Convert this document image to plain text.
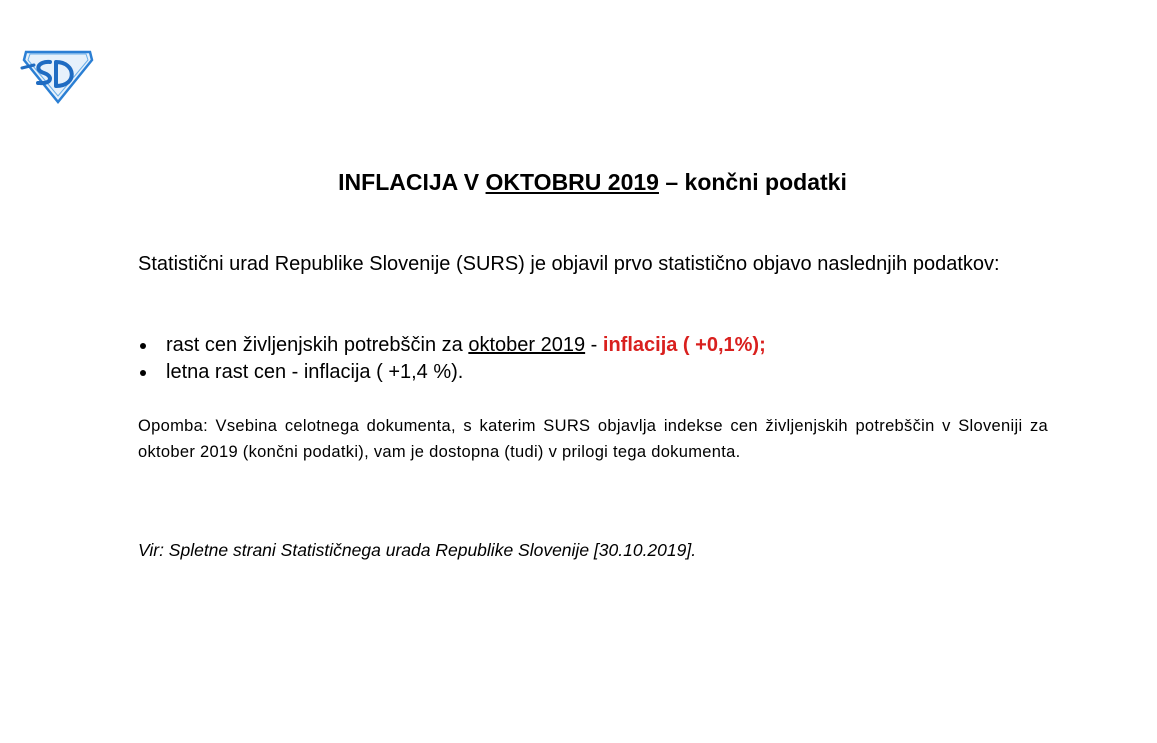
INFLACIJA V OKTOBRU 2019 – končni podatki
Statistični urad Republike Slovenije (SURS) je objavil prvo statistično objavo naslednjih podatkov:
rast cen življenjskih potrebščin za oktober 2019 - inflacija ( +0,1%);
letna rast cen - inflacija ( +1,4 %).
Opomba: Vsebina celotnega dokumenta, s katerim SURS objavlja indekse cen življenjskih potrebščin v Sloveniji za oktober 2019 (končni podatki), vam je dostopna (tudi) v prilogi tega dokumenta.
Vir: Spletne strani Statističnega urada Republike Slovenije [30.10.2019].
